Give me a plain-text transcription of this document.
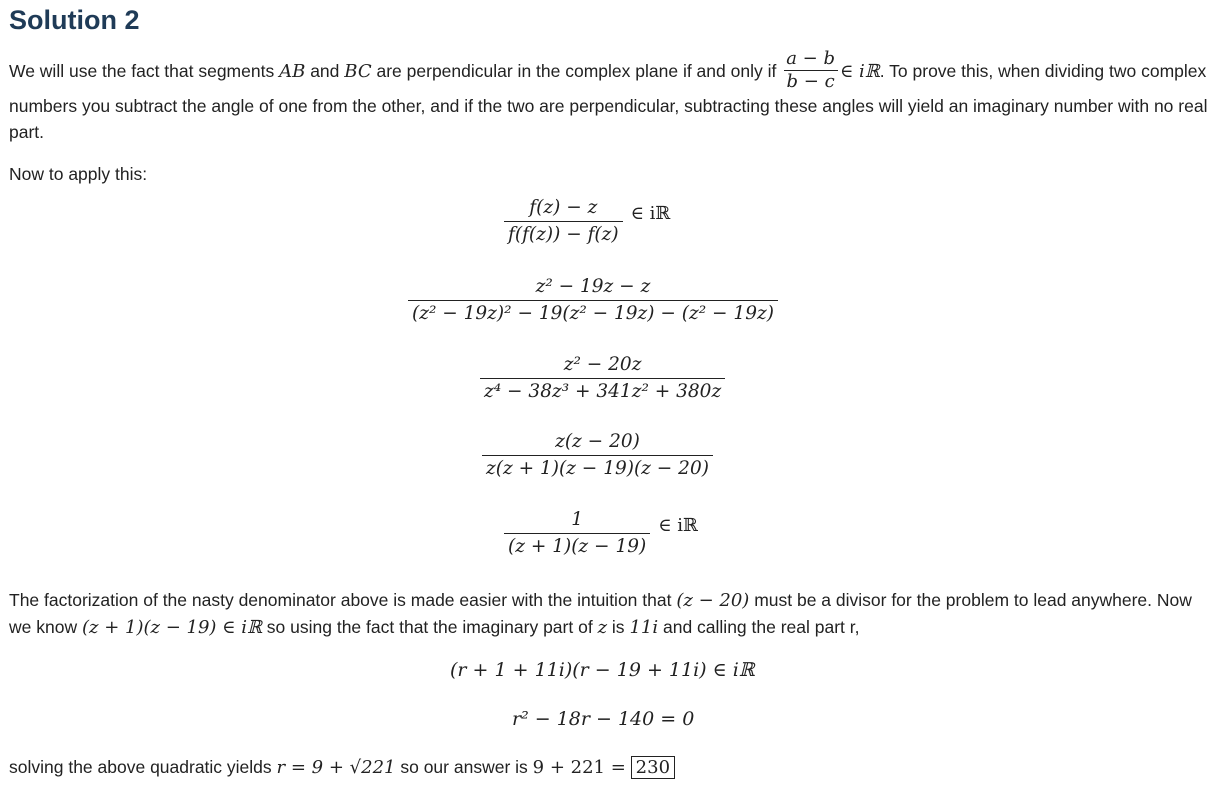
Solution 2
We will use the fact that segments AB and BC are perpendicular in the complex plane if and only if $\frac{a - b}{b - c}$ ∈ iℝ. To prove this, when dividing two complex numbers you subtract the angle of one from the other, and if the two are perpendicular, subtracting these angles will yield an imaginary number with no real part.
Now to apply this:
$\frac{f(z) - z}{f(f(z)) - f(z)}$ ∈ iℝ
$\frac{\text{z² − 19z − z}}{\text{(z² − 19z)² − 19(z² − 19z) − (z² − 19z)}}$
$\frac{\text{z² − 20z}}{\text{z⁴ − 38z³ + 341z² + 380z}}$
$\frac{z(z - 20)}{z(z + 1)(z - 19)(z - 20)}$
$\frac{1}{(z + 1)(z - 19)}$ ∈ iℝ
The factorization of the nasty denominator above is made easier with the intuition that (z − 20) must be a divisor for the problem to lead anywhere. Now we know (z + 1)(z − 19) ∈ iℝ so using the fact that the imaginary part of z is 11i and calling the real part r,
(r + 1 + 11i)(r − 19 + 11i) ∈ iℝ
r² − 18r − 140 = 0
solving the above quadratic yields r = 9 + √221 so our answer is 9 + 221 = 230
